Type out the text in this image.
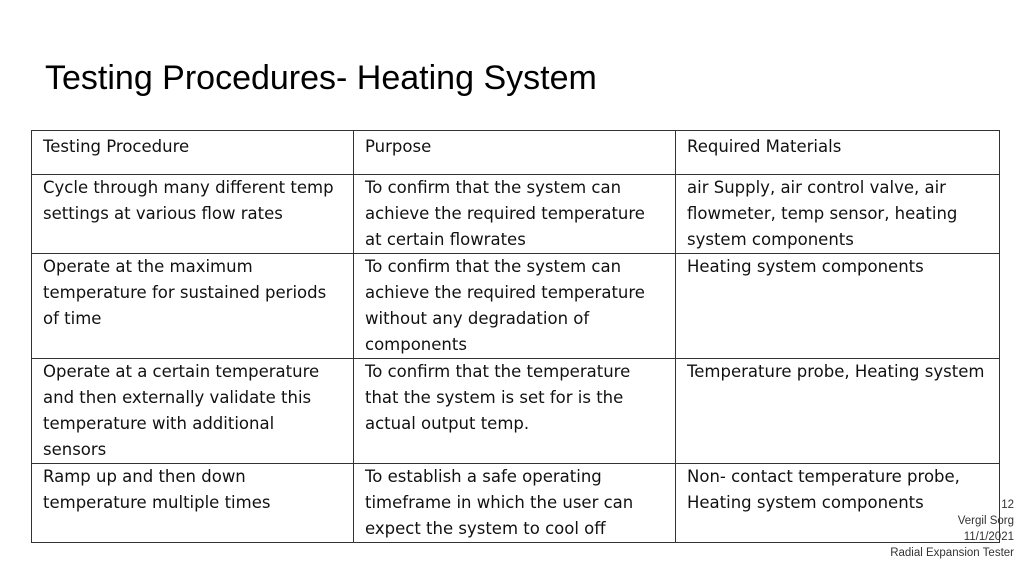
Testing Procedures- Heating System
Testing Procedure	Purpose	Required Materials
Cycle through many different temp settings at various flow rates	To confirm that the system can achieve the required temperature at certain flowrates	air Supply, air control valve, air flowmeter, temp sensor, heating system components
Operate at the maximum temperature for sustained periods of time	To confirm that the system can achieve the required temperature without any degradation of components	Heating system components
Operate at a certain temperature and then externally validate this temperature with additional sensors	To confirm that the temperature that the system is set for is the actual output temp.	Temperature probe, Heating system
Ramp up and then down temperature multiple times	To establish a safe operating timeframe in which the user can expect the system to cool off	Non- contact temperature probe, Heating system components	12
Vergil Sorg
11/1/2021
Radial Expansion Tester
